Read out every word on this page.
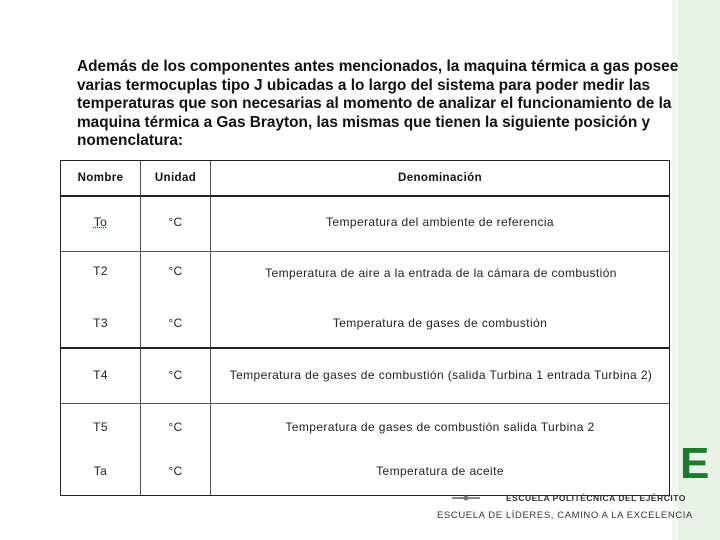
Además de los componentes antes mencionados, la maquina térmica a gas posee varias termocuplas tipo J ubicadas a lo largo del sistema para poder medir las temperaturas que son necesarias al momento de analizar el funcionamiento de la maquina térmica a Gas Brayton, las mismas que tienen la siguiente posición y nomenclatura:
Nombre	Unidad	Denominación
To	°C	Temperatura del ambiente de referencia
T2	°C	Temperatura de aire a la entrada de la cámara de combustión
T3	°C	Temperatura de gases de combustión
T4	°C	Temperatura de gases de combustión (salida Turbina 1 entrada Turbina 2)
T5	°C	Temperatura de gases de combustión salida Turbina 2
Ta	°C	Temperatura de aceite	E
ESCUELA POLITÉCNICA DEL EJÉRCITO
ESCUELA DE LÍDERES, CAMINO A LA EXCELENCIA
